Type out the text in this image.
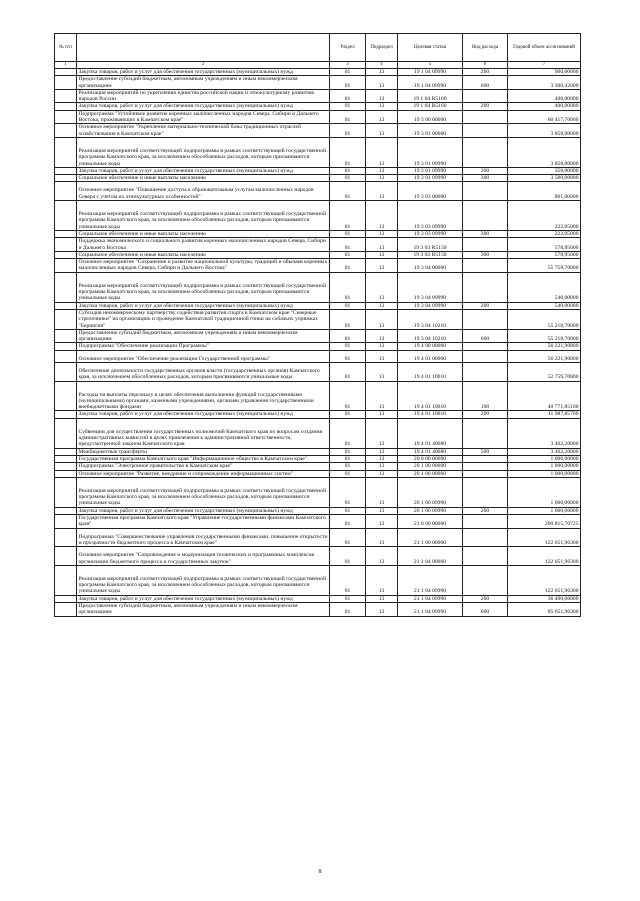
№ п/п		Раздел	Подраздел	Целевая статья	Вид расхода	Годовой объем ассигнований
1	2	3	4	5	6	7
	Закупка товаров, работ и услуг для обеспечения государственных (муниципальных) нужд	01	13	19 1 04 09990	200	900,00000
	Предоставление субсидий бюджетным, автономным учреждениям и иным некоммерческим организациям	01	13	19 1 04 09990	600	3 300,42000
	Реализация мероприятий по укреплению единства российской нации и этнокультурному развитию народов России	01	13	19 1 04 R5160		400,00000
	Закупка товаров, работ и услуг для обеспечения государственных (муниципальных) нужд	01	13	19 1 04 R5160	200	400,00000
	Подпрограмма "Устойчивое развитие коренных малочисленных народов Севера, Сибири и Дальнего Востока, проживающих в Камчатском крае"	01	13	19 3 00 00000		60 417,70000
	Основное мероприятие "Укрепление материально-технической базы традиционных отраслей хозяйствования в Камчатском крае"	01	13	19 3 01 00000		3 858,00000
	Реализация мероприятий соответствующей подпрограммы в рамках соответствующей государственной программы Камчатского края, за исключением обособленных расходов, которым присваиваются уникальные коды	01	13	19 3 01 09990		3 858,00000
	Закупка товаров, работ и услуг для обеспечения государственных (муниципальных) нужд	01	13	19 3 01 09990	200	358,00000
	Социальное обеспечение и иные выплаты населению	01	13	19 3 01 09990	300	3 500,00000
	Основное мероприятие "Повышение доступа к образовательным услугам малочисленных народов Севера с учетом их этнокультурных особенностей"	01	13	19 3 03 00000		801,00000
	Реализация мероприятий соответствующей подпрограммы в рамках соответствующей государственной программы Камчатского края, за исключением обособленных расходов, которым присваиваются уникальные коды	01	13	19 3 03 09990		222,05000
	Социальное обеспечение и иные выплаты населению	01	13	19 3 03 09990	300	222,05000
	Поддержка экономического и социального развития коренных малочисленных народов Севера, Сибири и Дальнего Востока	01	13	19 3 03 R5150		578,95000
	Социальное обеспечение и иные выплаты населению	01	13	19 3 03 R5150	300	578,95000
	Основное мероприятие "Сохранение и развитие национальной культуры, традиций и обычаев коренных малочисленных народов Севера, Сибири и Дальнего Востока"	01	13	19 3 04 00000		55 758,70000
	Реализация мероприятий соответствующей подпрограммы в рамках соответствующей государственной программы Камчатского края, за исключением обособленных расходов, которым присваиваются уникальные коды	01	13	19 3 04 09990		540,00000
	Закупка товаров, работ и услуг для обеспечения государственных (муниципальных) нужд	01	13	19 3 04 09990	200	540,00000
	Субсидия некоммерческому партнерству содействия развития спорта в Камчатском крае "Северные стрелочники" на организацию и проведение Камчатской традиционной гонки на собачьих упряжках "Берингия"	01	13	19 3 04 10210		55 218,70000
	Предоставление субсидий бюджетным, автономным учреждениям и иным некоммерческим организациям	01	13	19 3 04 10210	600	55 218,70000
	Подпрограмма "Обеспечение реализации Программы"	01	13	19 4 00 00000		56 221,90800
	Основное мероприятие "Обеспечение реализации Государственной программы"	01	13	19 4 01 00000		56 221,90800
	Обеспечение деятельности государственных органов власти (государственных органов) Камчатского края, за исключением обособленных расходов, которым присваиваются уникальные коды	01	13	19 4 01 10010		52 759,70800
	Расходы на выплаты персоналу в целях обеспечения выполнения функций государственными (муниципальными) органами, казенными учреждениями, органами управления государственными внебюджетными фондами	01	13	19 4 01 10010	100	40 771,85100
	Закупка товаров, работ и услуг для обеспечения государственных (муниципальных) нужд	01	13	19 4 01 10010	200	11 987,85700
	Субвенции для осуществления государственных полномочий Камчатского края по вопросам создания административных комиссий в целях привлечения к административной ответственности, предусмотренной законом Камчатского края	01	13	19 4 01 40080		3 462,20000
	Межбюджетные трансферты	01	13	19 4 01 40080	500	3 462,20000
	Государственная программа Камчатского края "Информационное общество в Камчатском крае"	01	13	20 0 00 00000		1 000,00000
	Подпрограмма "Электронное правительство в Камчатском крае"	01	13	20 1 00 00000		1 000,00000
	Основное мероприятие "Развитие, внедрение и сопровождение информационных систем"	01	13	20 1 06 00000		1 000,00000
	Реализация мероприятий соответствующей подпрограммы в рамках соответствующей государственной программы Камчатского края, за исключением обособленных расходов, которым присваиваются уникальные коды	01	13	20 1 06 09990		1 000,00000
	Закупка товаров, работ и услуг для обеспечения государственных (муниципальных) нужд	01	13	20 1 06 09990	200	1 000,00000
	Государственная программа Камчатского края "Управление государственными финансами Камчатского края"	01	13	21 0 00 00000		200 815,70725
	Подпрограмма "Совершенствование управления государственными финансами, повышение открытости и прозрачности бюджетного процесса в Камчатском крае"	01	13	21 1 00 00000		122 051,96300
	Основное мероприятие "Сопровождение и модернизация технических и программных комплексов организации бюджетного процесса и государственных закупок"	01	13	21 1 04 00000		122 051,96300
	Реализация мероприятий соответствующей подпрограммы в рамках соответствующей государственной программы Камчатского края, за исключением обособленных расходов, которым присваиваются уникальные коды	01	13	21 1 04 09990		122 051,96300
	Закупка товаров, работ и услуг для обеспечения государственных (муниципальных) нужд	01	13	21 1 04 09990	200	36 400,00000
	Предоставление субсидий бюджетным, автономным учреждениям и иным некоммерческим организациям	01	13	21 1 04 09990	600	85 651,96300
8
